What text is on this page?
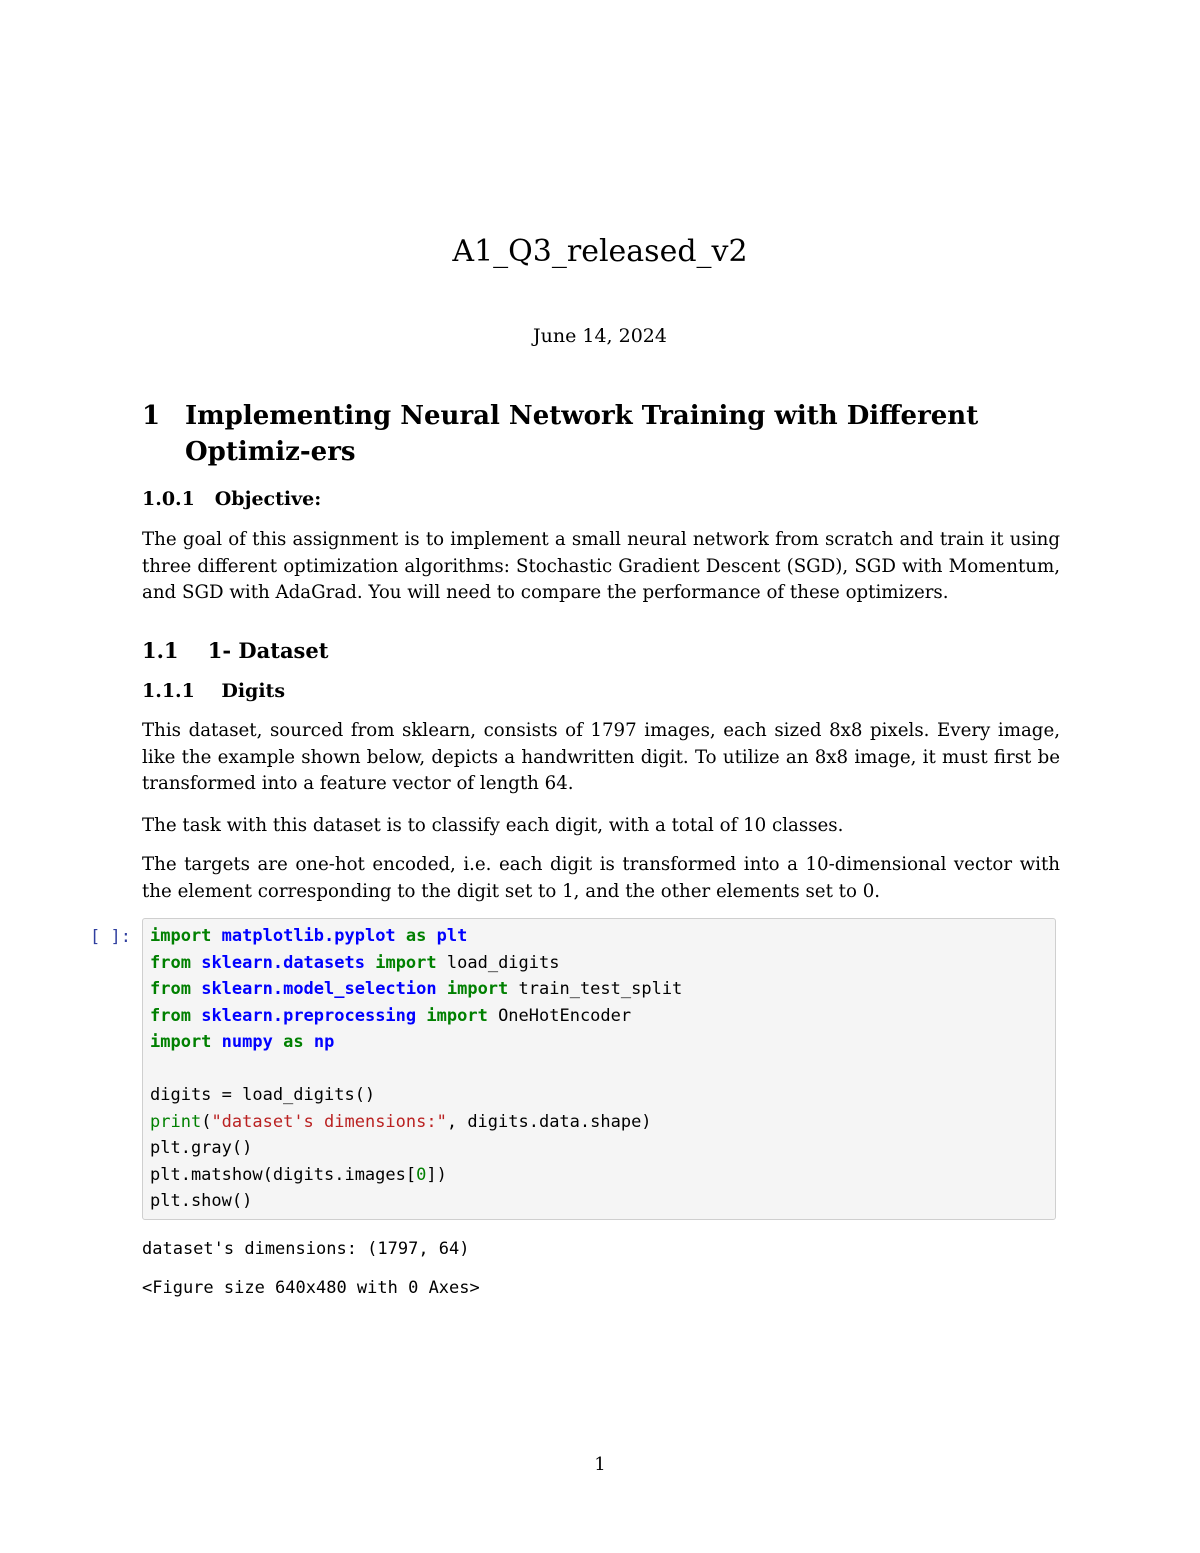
A1_Q3_released_v2
June 14, 2024
1 Implementing Neural Network Training with Different Optimiz-ers
1.0.1 Objective:
The goal of this assignment is to implement a small neural network from scratch and train it using three different optimization algorithms: Stochastic Gradient Descent (SGD), SGD with Momentum, and SGD with AdaGrad. You will need to compare the performance of these optimizers.
1.1 1- Dataset
1.1.1 Digits
This dataset, sourced from sklearn, consists of 1797 images, each sized 8x8 pixels. Every image, like the example shown below, depicts a handwritten digit. To utilize an 8x8 image, it must first be transformed into a feature vector of length 64.
The task with this dataset is to classify each digit, with a total of 10 classes.
The targets are one-hot encoded, i.e. each digit is transformed into a 10-dimensional vector with the element corresponding to the digit set to 1, and the other elements set to 0.
[ ]: import matplotlib.pyplot as plt
from sklearn.datasets import load_digits
from sklearn.model_selection import train_test_split
from sklearn.preprocessing import OneHotEncoder
import numpy as np

digits = load_digits()
print("dataset's dimensions:", digits.data.shape)
plt.gray()
plt.matshow(digits.images[0])
plt.show()
dataset's dimensions: (1797, 64)
<Figure size 640x480 with 0 Axes>
1
